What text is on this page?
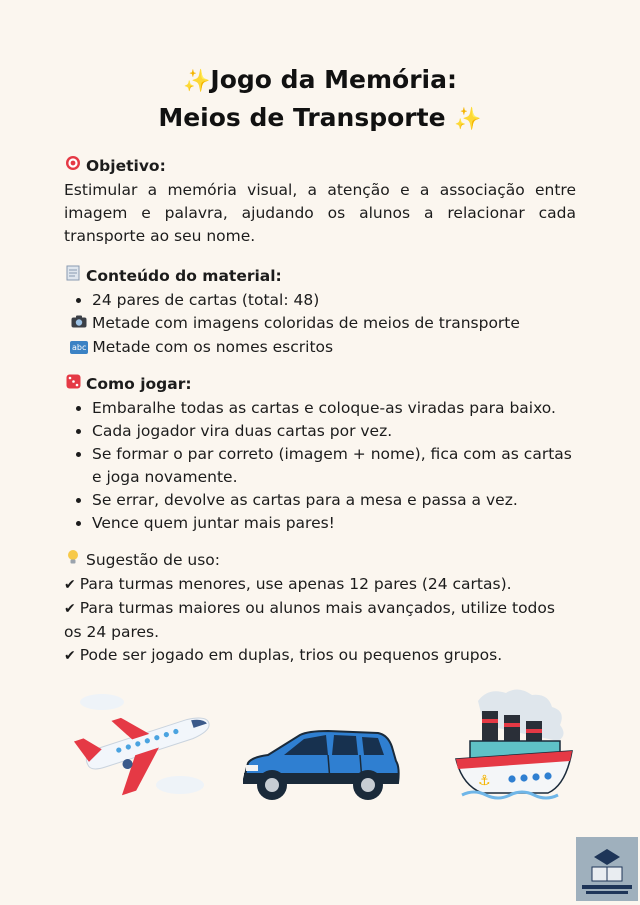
✨Jogo da Memória:
Meios de Transporte ✨
Objetivo:
Estimular a memória visual, a atenção e a associação entre imagem e palavra, ajudando os alunos a relacionar cada transporte ao seu nome.
Conteúdo do material:
• 24 pares de cartas (total: 48)
Metade com imagens coloridas de meios de transporte
abc Metade com os nomes escritos
Como jogar:
• Embaralhe todas as cartas e coloque-as viradas para baixo.
• Cada jogador vira duas cartas por vez.
• Se formar o par correto (imagem + nome), fica com as cartas e joga novamente.
• Se errar, devolve as cartas para a mesa e passa a vez.
• Vence quem juntar mais pares!
Sugestão de uso:
✔ Para turmas menores, use apenas 12 pares (24 cartas).
✔ Para turmas maiores ou alunos mais avançados, utilize todos os 24 pares.
✔ Pode ser jogado em duplas, trios ou pequenos grupos.
⚓
